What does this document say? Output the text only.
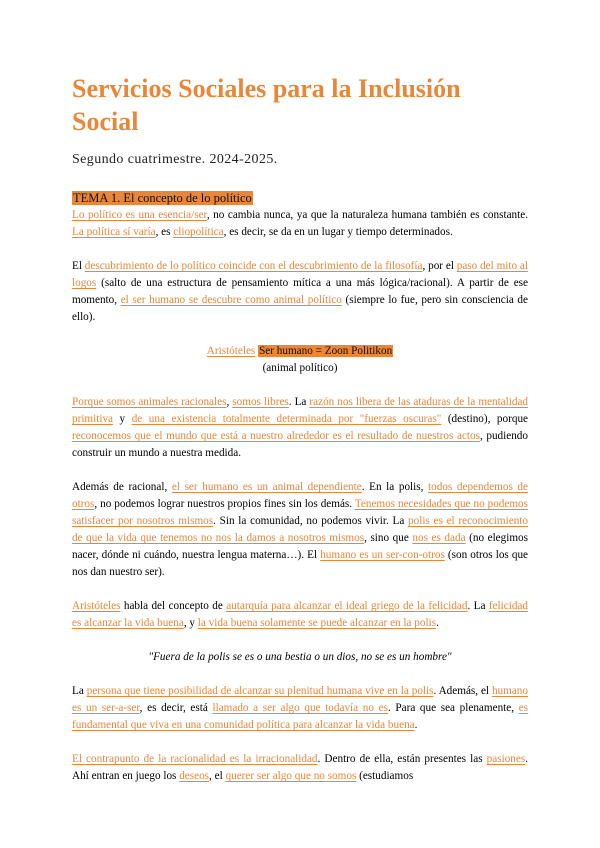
Servicios Sociales para la Inclusión Social
Segundo cuatrimestre. 2024-2025.
TEMA 1. El concepto de lo político

Lo político es una esencia/ser, no cambia nunca, ya que la naturaleza humana también es constante. La política sí varía, es cliopolítica, es decir, se da en un lugar y tiempo determinados.

El descubrimiento de lo político coincide con el descubrimiento de la filosofía, por el paso del mito al logos (salto de una estructura de pensamiento mítica a una más lógica/racional). A partir de ese momento, el ser humano se descubre como animal político (siempre lo fue, pero sin consciencia de ello).

Aristóteles Ser humano = Zoon Politikon
(animal político)

Porque somos animales racionales, somos libres. La razón nos libera de las ataduras de la mentalidad primitiva y de una existencia totalmente determinada por "fuerzas oscuras" (destino), porque reconocemos que el mundo que está a nuestro alrededor es el resultado de nuestros actos, pudiendo construir un mundo a nuestra medida.

Además de racional, el ser humano es un animal dependiente. En la polis, todos dependemos de otros, no podemos lograr nuestros propios fines sin los demás. Tenemos necesidades que no podemos satisfacer por nosotros mismos. Sin la comunidad, no podemos vivir. La polis es el reconocimiento de que la vida que tenemos no nos la damos a nosotros mismos, sino que nos es dada (no elegimos nacer, dónde ni cuándo, nuestra lengua materna…). El humano es un ser-con-otros (son otros los que nos dan nuestro ser).

Aristóteles habla del concepto de autarquía para alcanzar el ideal griego de la felicidad. La felicidad es alcanzar la vida buena, y la vida buena solamente se puede alcanzar en la polis.

"Fuera de la polis se es o una bestia o un dios, no se es un hombre"

La persona que tiene posibilidad de alcanzar su plenitud humana vive en la polis. Además, el humano es un ser-a-ser, es decir, está llamado a ser algo que todavía no es. Para que sea plenamente, es fundamental que viva en una comunidad política para alcanzar la vida buena.

El contrapunto de la racionalidad es la irracionalidad. Dentro de ella, están presentes las pasiones. Ahí entran en juego los deseos, el querer ser algo que no somos (estudiamos
